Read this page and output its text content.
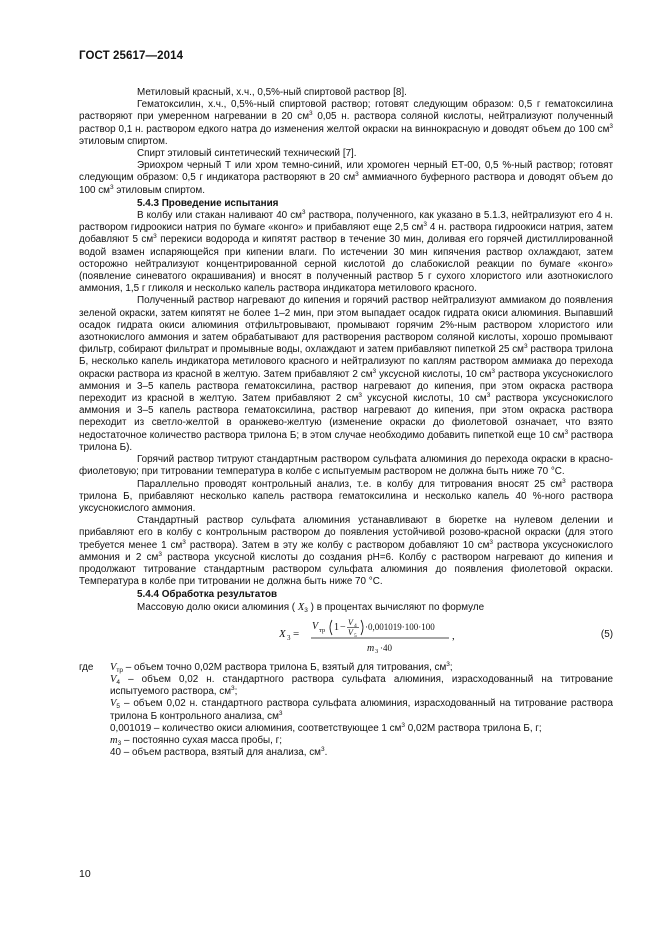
ГОСТ 25617—2014

Метиловый красный, х.ч., 0,5%-ный спиртовой раствор [8].

Гематоксилин, х.ч., 0,5%-ный спиртовой раствор; готовят следующим образом: 0,5 г гематоксилина растворяют при умеренном нагревании в 20 $см^3$ 0,05 н. раствора соляной кислоты, нейтрализуют полученный раствор 0,1 н. раствором едкого натра до изменения желтой окраски на виннокрасную и доводят объем до 100 $см^3$ этиловым спиртом.

Спирт этиловый синтетический технический [7].

Эриохром черный Т или хром темно-синий, или хромоген черный ЕТ-00, 0,5 %-ный раствор; готовят следующим образом: 0,5 г индикатора растворяют в 20 $см^3$ аммиачного буферного раствора и доводят объем до 100 $см^3$ этиловым спиртом.

5.4.3 Проведение испытания

В колбу или стакан наливают 40 $см^3$ раствора, полученного, как указано в 5.1.3, нейтрализуют его 4 н. раствором гидроокиси натрия по бумаге «конго» и прибавляют еще 2,5 $см^3$ 4 н. раствора гидроокиси натрия, затем добавляют 5 $см^3$ перекиси водорода и кипятят раствор в течение 30 мин, доливая его горячей дистиллированной водой взамен испаряющейся при кипении влаги. По истечении 30 мин кипячения раствор охлаждают, затем осторожно нейтрализуют концентрированной серной кислотой до слабокислой реакции по бумаге «конго» (появление синеватого окрашивания) и вносят в полученный раствор 5 г сухого хлористого или азотнокислого аммония, 1,5 г гликоля и несколько капель раствора индикатора метилового красного.

Полученный раствор нагревают до кипения и горячий раствор нейтрализуют аммиаком до появления зеленой окраски, затем кипятят не более 1–2 мин, при этом выпадает осадок гидрата окиси алюминия. Выпавший осадок гидрата окиси алюминия отфильтровывают, промывают горячим 2%-ным раствором хлористого или азотнокислого аммония и затем обрабатывают для растворения раствором соляной кислоты, хорошо промывают фильтр, собирают фильтрат и промывные воды, охлаждают и затем прибавляют пипеткой 25 $см^3$ раствора трилона Б, несколько капель индикатора метилового красного и нейтрализуют по каплям раствором аммиака до перехода окраски раствора из красной в желтую. Затем прибавляют 2 $см^3$ уксусной кислоты, 10 $см^3$ раствора уксуснокислого аммония и 3–5 капель раствора гематоксилина, раствор нагревают до кипения, при этом окраска раствора переходит из красной в желтую. Затем прибавляют 2 $см^3$ уксусной кислоты, 10 $см^3$ раствора уксуснокислого аммония и 3–5 капель раствора гематоксилина, раствор нагревают до кипения, при этом окраска раствора переходит из светло-желтой в оранжево-желтую (изменение окраски до фиолетовой означает, что взято недостаточное количество раствора трилона Б; в этом случае необходимо добавить пипеткой еще 10 $см^3$ раствора трилона Б).

Горячий раствор титруют стандартным раствором сульфата алюминия до перехода окраски в красно-фиолетовую; при титровании температура в колбе с испытуемым раствором не должна быть ниже 70 °С.

Параллельно проводят контрольный анализ, т.е. в колбу для титрования вносят 25 $см^3$ раствора трилона Б, прибавляют несколько капель раствора гематоксилина и несколько капель 40 %-ного раствора уксуснокислого аммония.

Стандартный раствор сульфата алюминия устанавливают в бюретке на нулевом делении и прибавляют его в колбу с контрольным раствором до появления устойчивой розово-красной окраски (для этого требуется менее 1 $см^3$ раствора). Затем в эту же колбу с раствором добавляют 10 $см^3$ раствора уксуснокислого аммония и 2 $см^3$ раствора уксусной кислоты до создания рН=6. Колбу с раствором нагревают до кипения и продолжают титрование стандартным раствором сульфата алюминия до появления фиолетовой окраски. Температура в колбе при титровании не должна быть ниже 70 °С.

5.4.4 Обработка результатов

Массовую долю окиси алюминия ( $X_3$ ) в процентах вычисляют по формуле

X 3 =
V тр 1 − V 4
V 5
·0,001019·100·100
m 3 ·40
,	(5)

где $V_{тр}$ – объем точно 0,02М раствора трилона Б, взятый для титрования, $см^3$;

$V_4$ – объем 0,02 н. стандартного раствора сульфата алюминия, израсходованный на титрование испытуемого раствора, $см^3$;

$V_5$ – объем 0,02 н. стандартного раствора сульфата алюминия, израсходованный на титрование раствора трилона Б контрольного анализа, $см^3$

0,001019 – количество окиси алюминия, соответствующее 1 $см^3$ 0,02М раствора трилона Б, г;

$m_3$ – постоянно сухая масса пробы, г;

40 – объем раствора, взятый для анализа, $см^3$.

10
